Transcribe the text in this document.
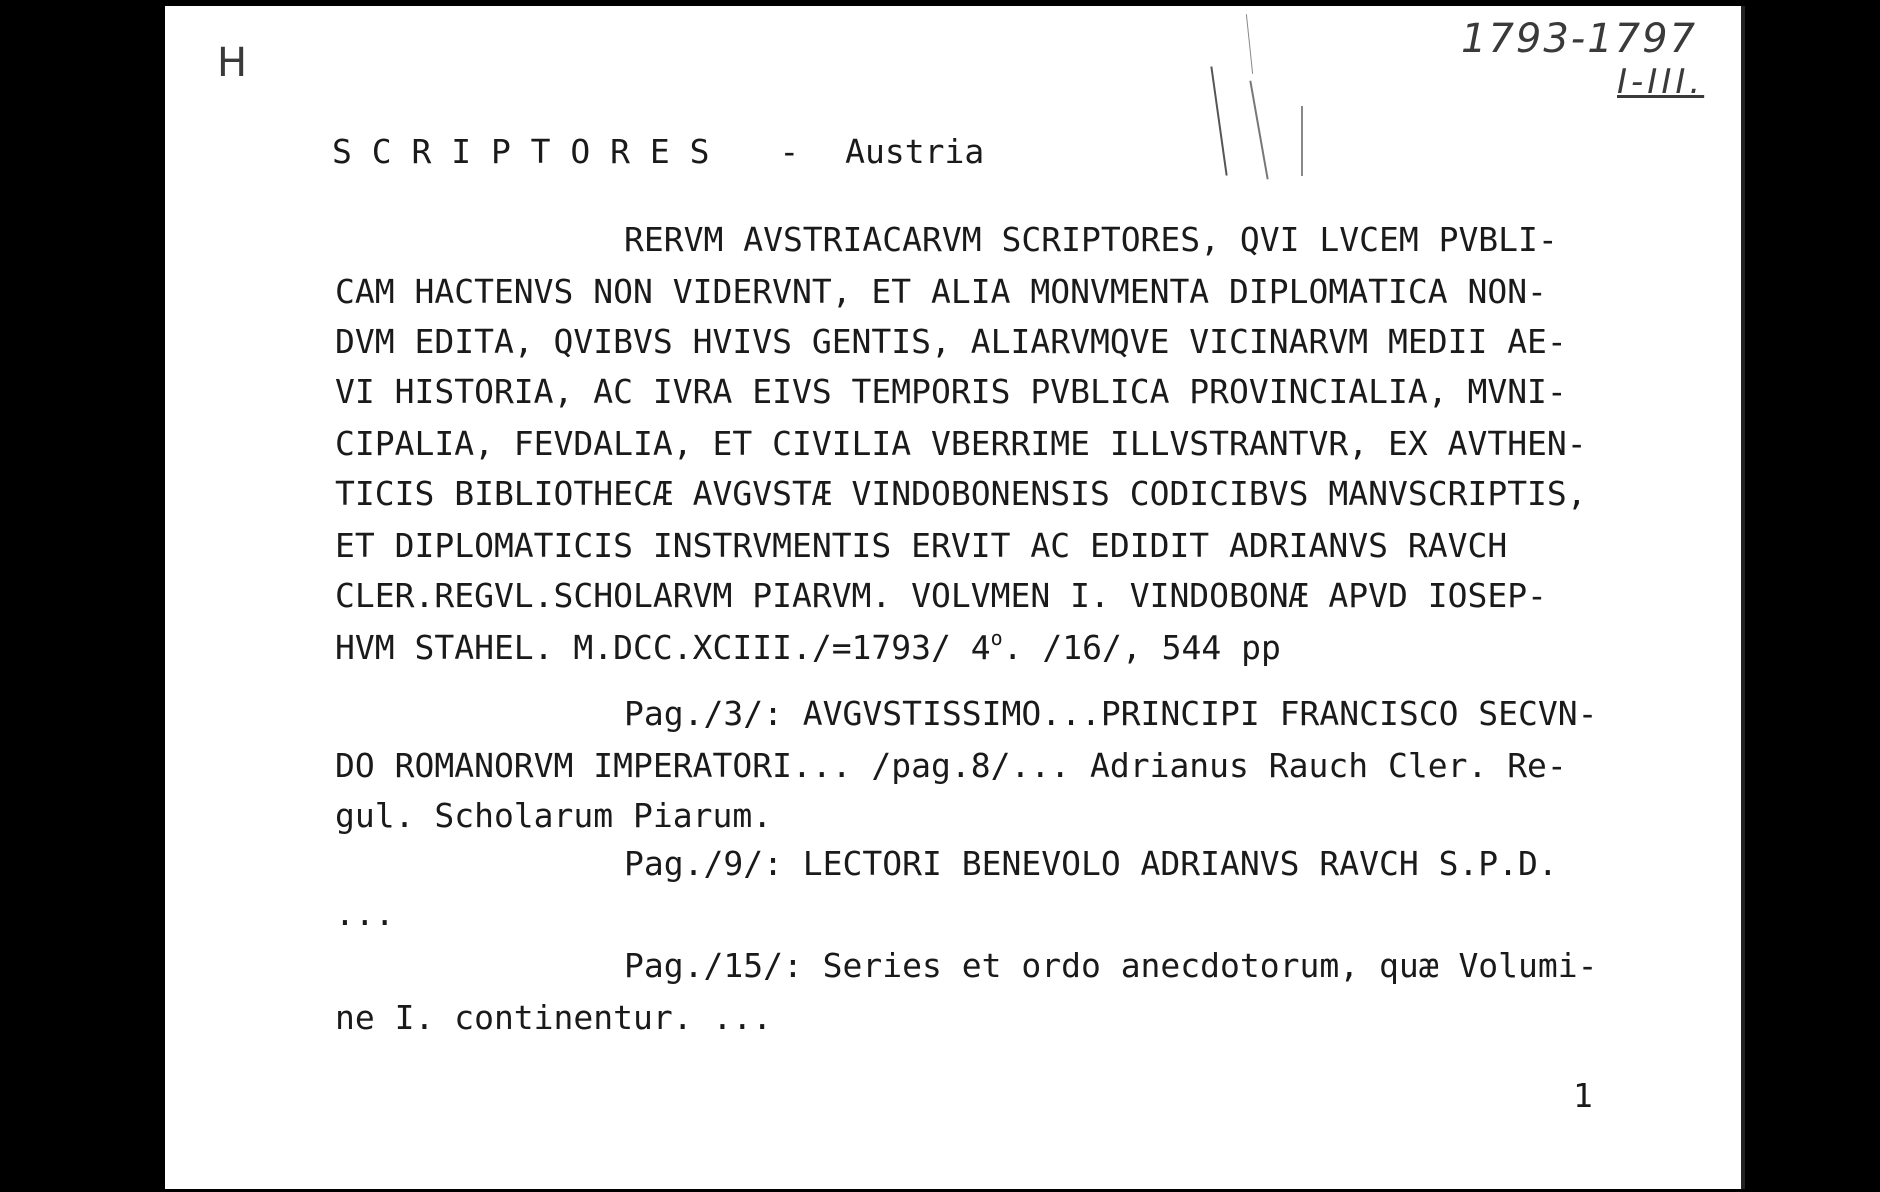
H
1793-1797
I-III.
S C R I P T O R E S - Austria
RERVM AVSTRIACARVM SCRIPTORES, QVI LVCEM PVBLI-
CAM HACTENVS NON VIDERVNT, ET ALIA MONVMENTA DIPLOMATICA NON-
DVM EDITA, QVIBVS HVIVS GENTIS, ALIARVMQVE VICINARVM MEDII AE-
VI HISTORIA, AC IVRA EIVS TEMPORIS PVBLICA PROVINCIALIA, MVNI-
CIPALIA, FEVDALIA, ET CIVILIA VBERRIME ILLVSTRANTVR, EX AVTHEN-
TICIS BIBLIOTHECÆ AVGVSTÆ VINDOBONENSIS CODICIBVS MANVSCRIPTIS,
ET DIPLOMATICIS INSTRVMENTIS ERVIT AC EDIDIT ADRIANVS RAVCH
CLER.REGVL.SCHOLARVM PIARVM. VOLVMEN I. VINDOBONÆ APVD IOSEP-
HVM STAHEL. M.DCC.XCIII./=1793/ 4$^o$. /16/, 544 pp
Pag./3/: AVGVSTISSIMO...PRINCIPI FRANCISCO SECVN-
DO ROMANORVM IMPERATORI... /pag.8/... Adrianus Rauch Cler. Re-
gul. Scholarum Piarum.
Pag./9/: LECTORI BENEVOLO ADRIANVS RAVCH S.P.D.
...
Pag./15/: Series et ordo anecdotorum, quæ Volumi-
ne I. continentur. ...
1
